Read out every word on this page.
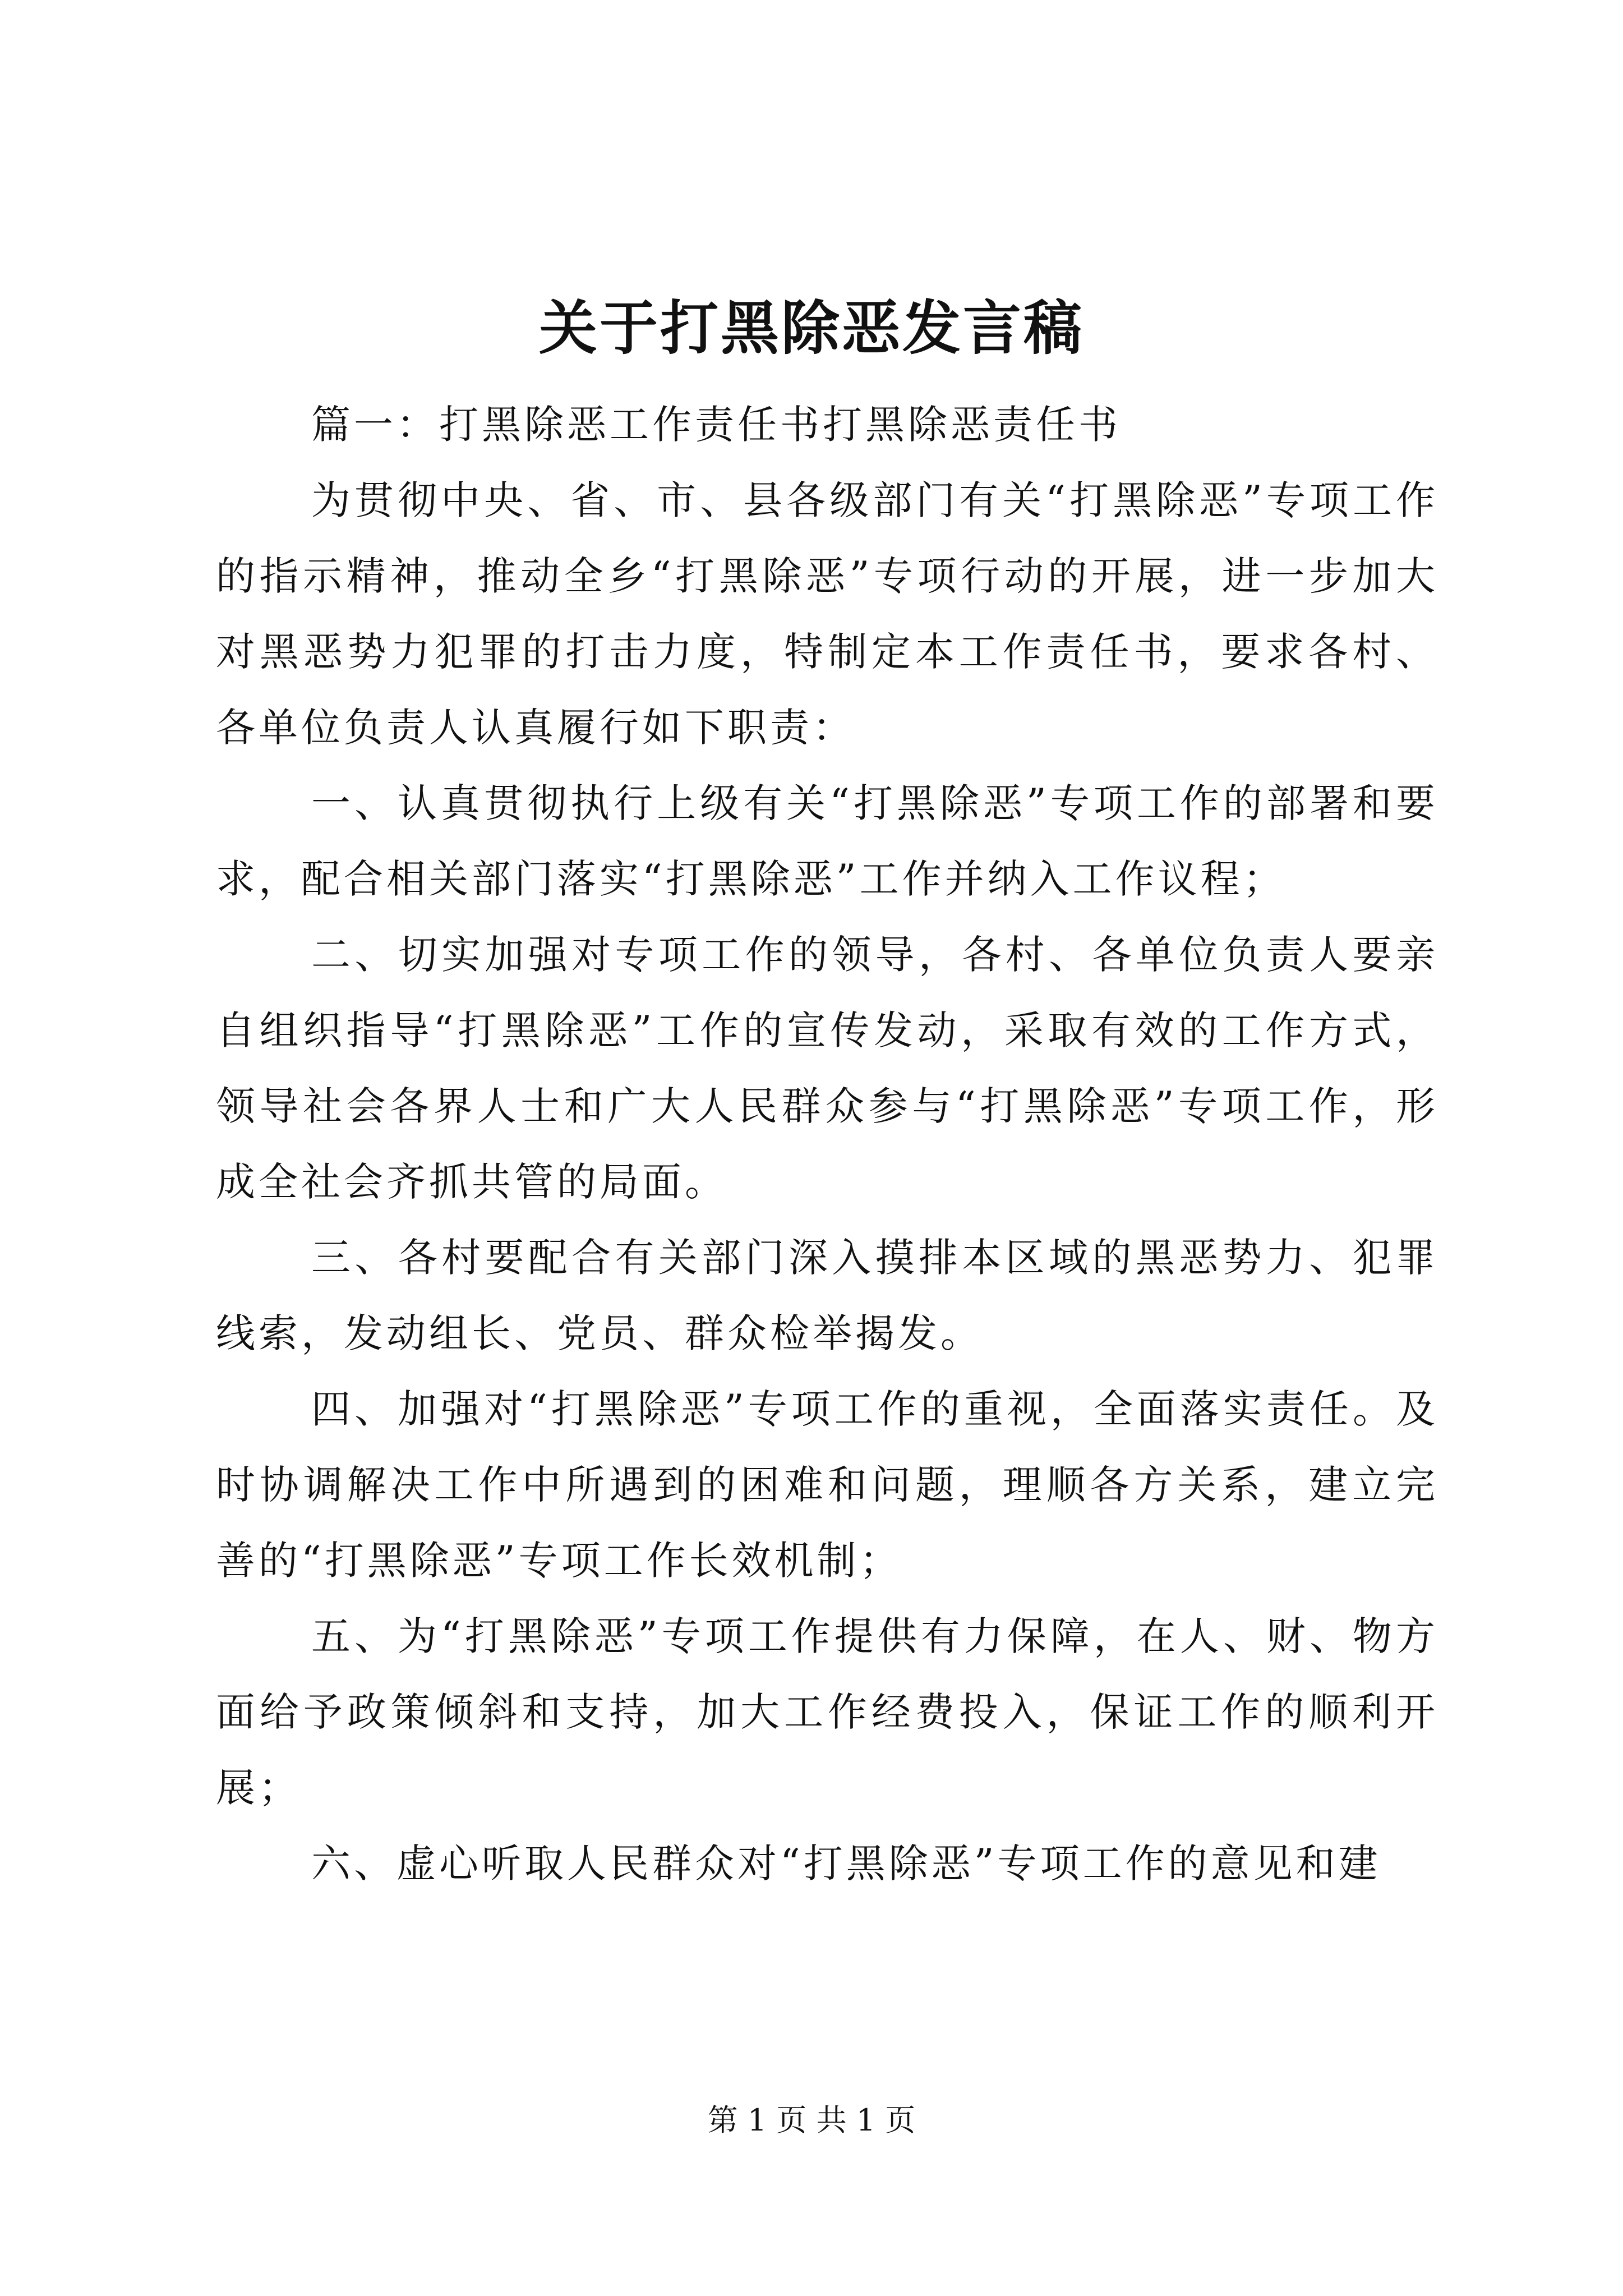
关于打黑除恶发言稿

篇一：打黑除恶工作责任书打黑除恶责任书

为贯彻中央、省、市、县各级部门有关“打黑除恶”专项工作的指示精神，推动全乡“打黑除恶”专项行动的开展，进一步加大对黑恶势力犯罪的打击力度，特制定本工作责任书，要求各村、各单位负责人认真履行如下职责：

一、认真贯彻执行上级有关“打黑除恶”专项工作的部署和要求，配合相关部门落实“打黑除恶”工作并纳入工作议程；

二、切实加强对专项工作的领导，各村、各单位负责人要亲自组织指导“打黑除恶”工作的宣传发动，采取有效的工作方式，领导社会各界人士和广大人民群众参与“打黑除恶”专项工作，形成全社会齐抓共管的局面。

三、各村要配合有关部门深入摸排本区域的黑恶势力、犯罪线索，发动组长、党员、群众检举揭发。

四、加强对“打黑除恶”专项工作的重视，全面落实责任。及时协调解决工作中所遇到的困难和问题，理顺各方关系，建立完善的“打黑除恶”专项工作长效机制；

五、为“打黑除恶”专项工作提供有力保障，在人、财、物方面给予政策倾斜和支持，加大工作经费投入，保证工作的顺利开展；

六、虚心听取人民群众对“打黑除恶”专项工作的意见和建

第 1 页 共 1 页
